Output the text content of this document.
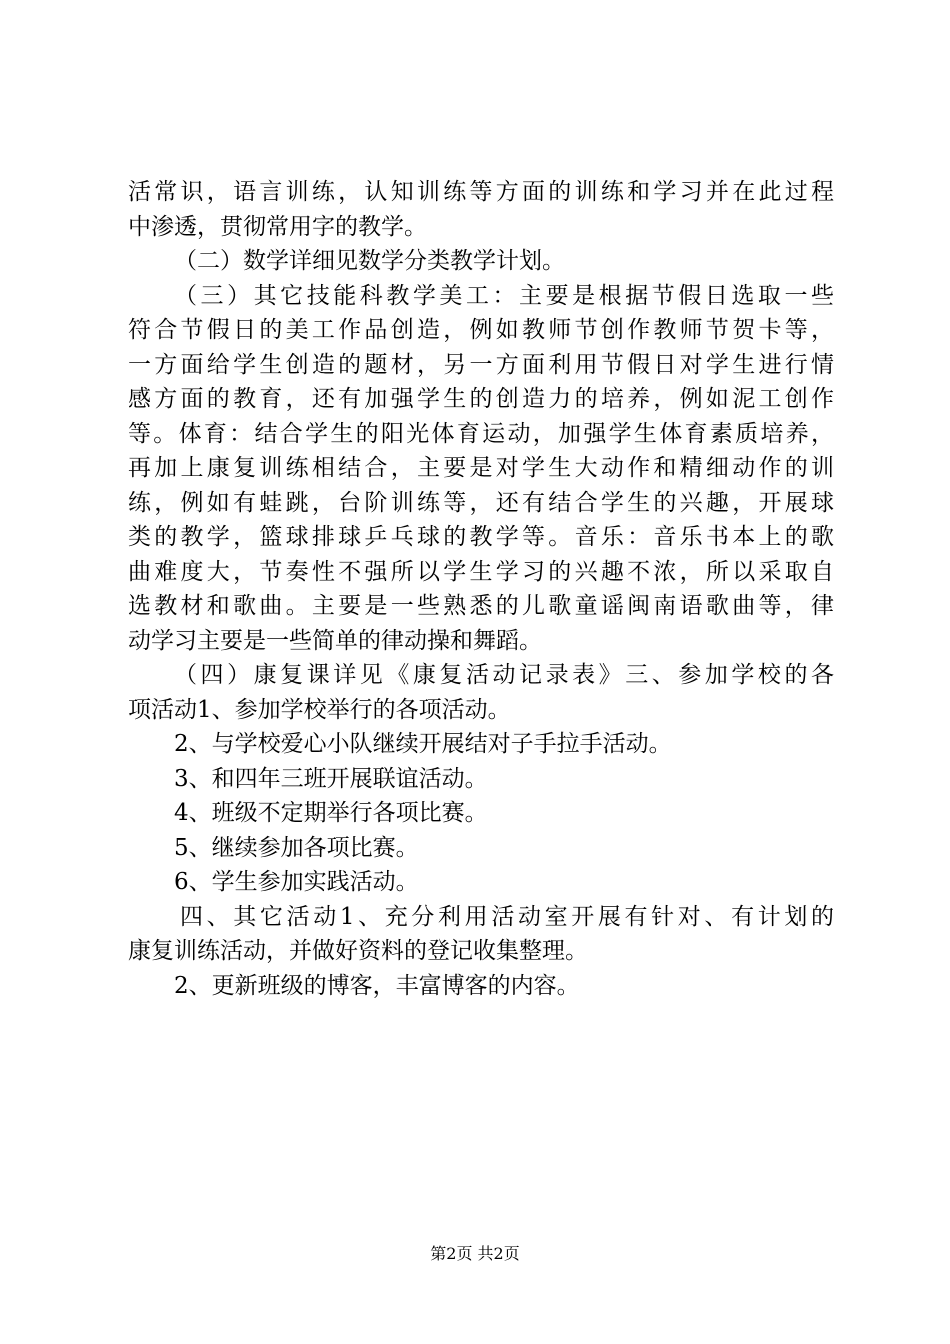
活常识，语言训练，认知训练等方面的训练和学习并在此过程
中渗透，贯彻常用字的教学。
（二）数学详细见数学分类教学计划。
（三）其它技能科教学美工：主要是根据节假日选取一些
符合节假日的美工作品创造，例如教师节创作教师节贺卡等，
一方面给学生创造的题材，另一方面利用节假日对学生进行情
感方面的教育，还有加强学生的创造力的培养，例如泥工创作
等。体育：结合学生的阳光体育运动，加强学生体育素质培养，
再加上康复训练相结合，主要是对学生大动作和精细动作的训
练，例如有蛙跳，台阶训练等，还有结合学生的兴趣，开展球
类的教学，篮球排球乒乓球的教学等。音乐：音乐书本上的歌
曲难度大，节奏性不强所以学生学习的兴趣不浓，所以采取自
选教材和歌曲。主要是一些熟悉的儿歌童谣闽南语歌曲等，律
动学习主要是一些简单的律动操和舞蹈。
（四）康复课详见《康复活动记录表》三、参加学校的各
项活动1、参加学校举行的各项活动。
2、与学校爱心小队继续开展结对子手拉手活动。
3、和四年三班开展联谊活动。
4、班级不定期举行各项比赛。
5、继续参加各项比赛。
6、学生参加实践活动。
四、其它活动1、充分利用活动室开展有针对、有计划的
康复训练活动，并做好资料的登记收集整理。
2、更新班级的博客，丰富博客的内容。
第2页 共2页
